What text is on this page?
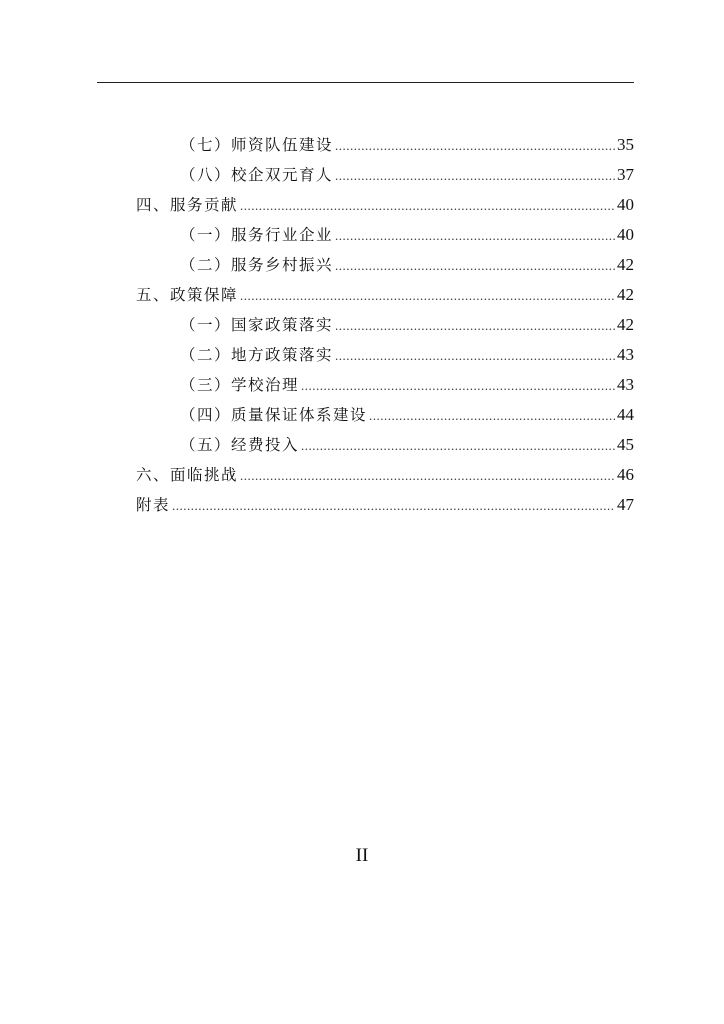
（七）师资队伍建设 .....	35
（八）校企双元育人 .....	37
四、服务贡献 .....	40
（一）服务行业企业 .....	40
（二）服务乡村振兴 .....	42
五、政策保障 .....	42
（一）国家政策落实 .....	42
（二）地方政策落实 .....	43
（三）学校治理 .....	43
（四）质量保证体系建设 .....	44
（五）经费投入 .....	45
六、面临挑战 .....	46
附表 .....	47
II
